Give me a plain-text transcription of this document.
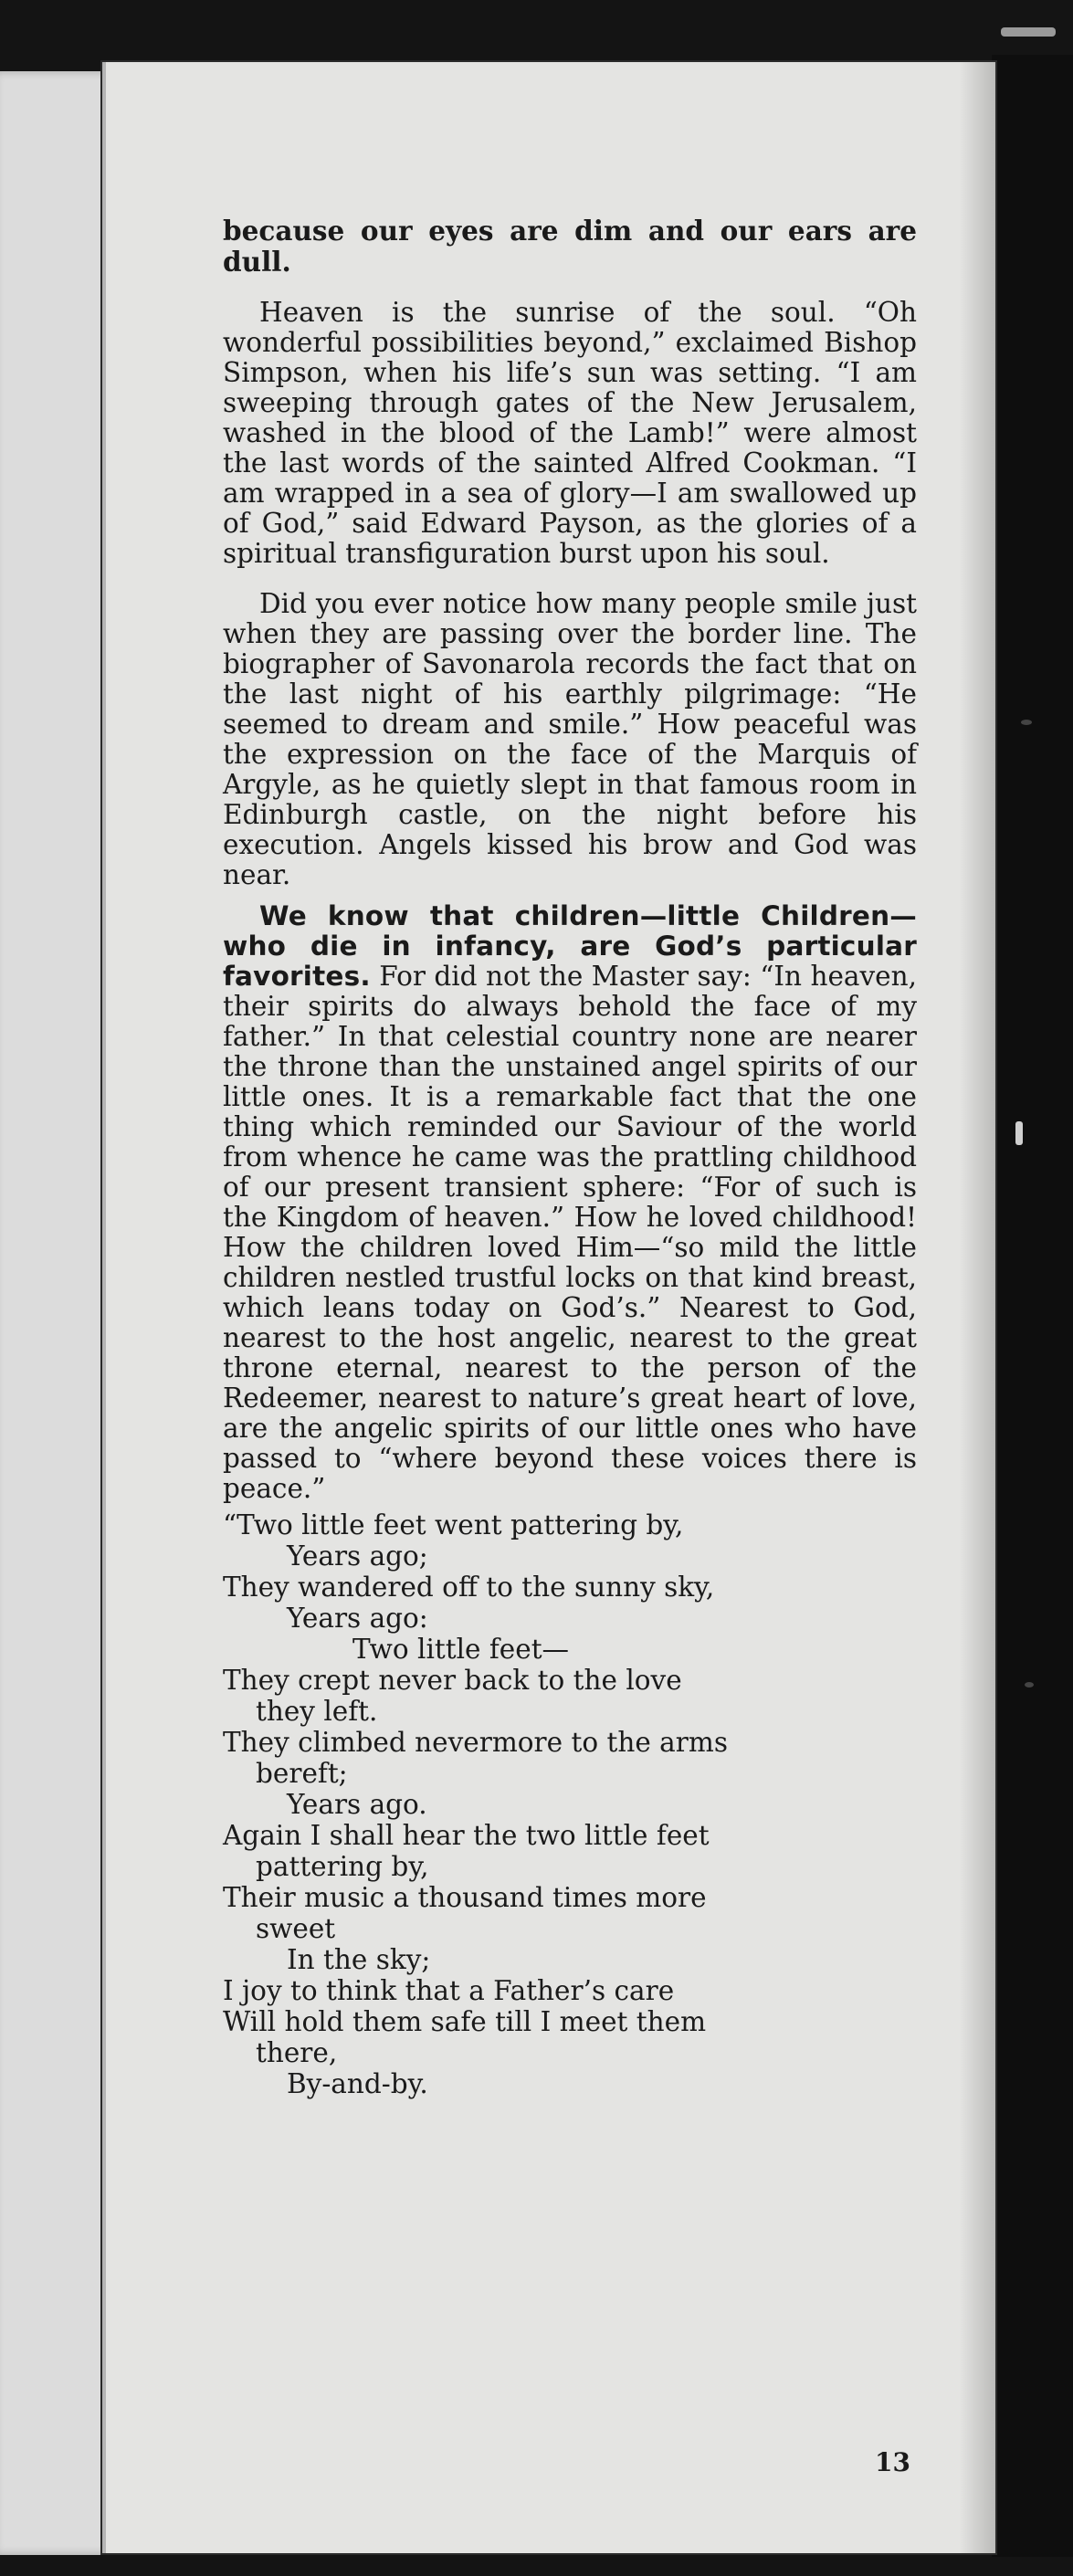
because our eyes are dim and our ears are dull.

Heaven is the sunrise of the soul. “Oh wonderful possibilities beyond,” exclaimed Bishop Simpson, when his life’s sun was setting. “I am sweeping through gates of the New Jerusalem, washed in the blood of the Lamb!” were almost the last words of the sainted Alfred Cookman. “I am wrapped in a sea of glory—I am swallowed up of God,” said Edward Payson, as the glories of a spiritual transfiguration burst upon his soul.

Did you ever notice how many people smile just when they are passing over the border line. The biographer of Savonarola records the fact that on the last night of his earthly pilgrimage: “He seemed to dream and smile.” How peaceful was the expression on the face of the Marquis of Argyle, as he quietly slept in that famous room in Edinburgh castle, on the night before his execution. Angels kissed his brow and God was near.

We know that children—little Children—who die in infancy, are God’s particular favorites. For did not the Master say: “In heaven, their spirits do always behold the face of my father.” In that celestial country none are nearer the throne than the unstained angel spirits of our little ones. It is a remarkable fact that the one thing which reminded our Saviour of the world from whence he came was the prattling childhood of our present transient sphere: “For of such is the Kingdom of heaven.” How he loved childhood! How the children loved Him—“so mild the little children nestled trustful locks on that kind breast, which leans today on God’s.” Nearest to God, nearest to the host angelic, nearest to the great throne eternal, nearest to the person of the Redeemer, nearest to nature’s great heart of love, are the angelic spirits of our little ones who have passed to “where beyond these voices there is peace.”

“Two little feet went pattering by,
Years ago;
They wandered off to the sunny sky,
Years ago:
Two little feet—
They crept never back to the love
they left.
They climbed nevermore to the arms
bereft;
Years ago.
Again I shall hear the two little feet
pattering by,
Their music a thousand times more
sweet
In the sky;
I joy to think that a Father’s care
Will hold them safe till I meet them
there,
By-and-by.
13
